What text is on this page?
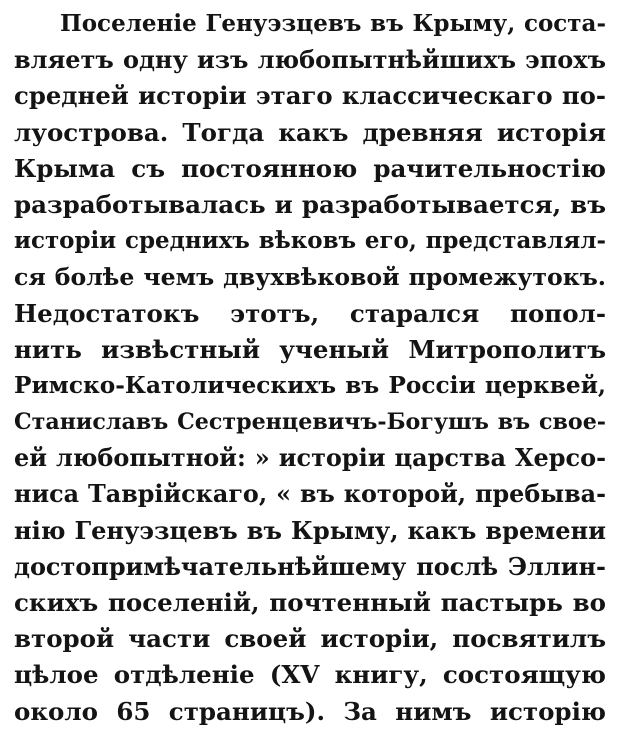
Поселеніе Генуэзцевъ въ Крыму, соста-
вляетъ одну изъ любопытнѣйшихъ эпохъ
средней исторіи этаго классическаго по-
луострова. Тогда какъ древняя исторія
Крыма съ постоянною рачительностію
разработывалась и разработывается, въ
исторіи среднихъ вѣковъ его, представлял-
ся болѣе чемъ двухвѣковой промежутокъ.
Недостатокъ этотъ, старался попол-
нить извѣстный ученый Митрополитъ
Римско-Католическихъ въ Россіи церквей,
Станиславъ Сестренцевичъ-Богушъ въ свое-
ей любопытной: » исторіи царства Херсо-
ниса Таврійскаго, « въ которой, пребыва-
нію Генуэзцевъ въ Крыму, какъ времени
достопримѣчательнѣйшему послѣ Эллин-
скихъ поселеній, почтенный пастырь во
второй части своей исторіи, посвятилъ
цѣлое отдѣленіе (XV книгу, состоящую
около 65 страницъ). За нимъ исторію
